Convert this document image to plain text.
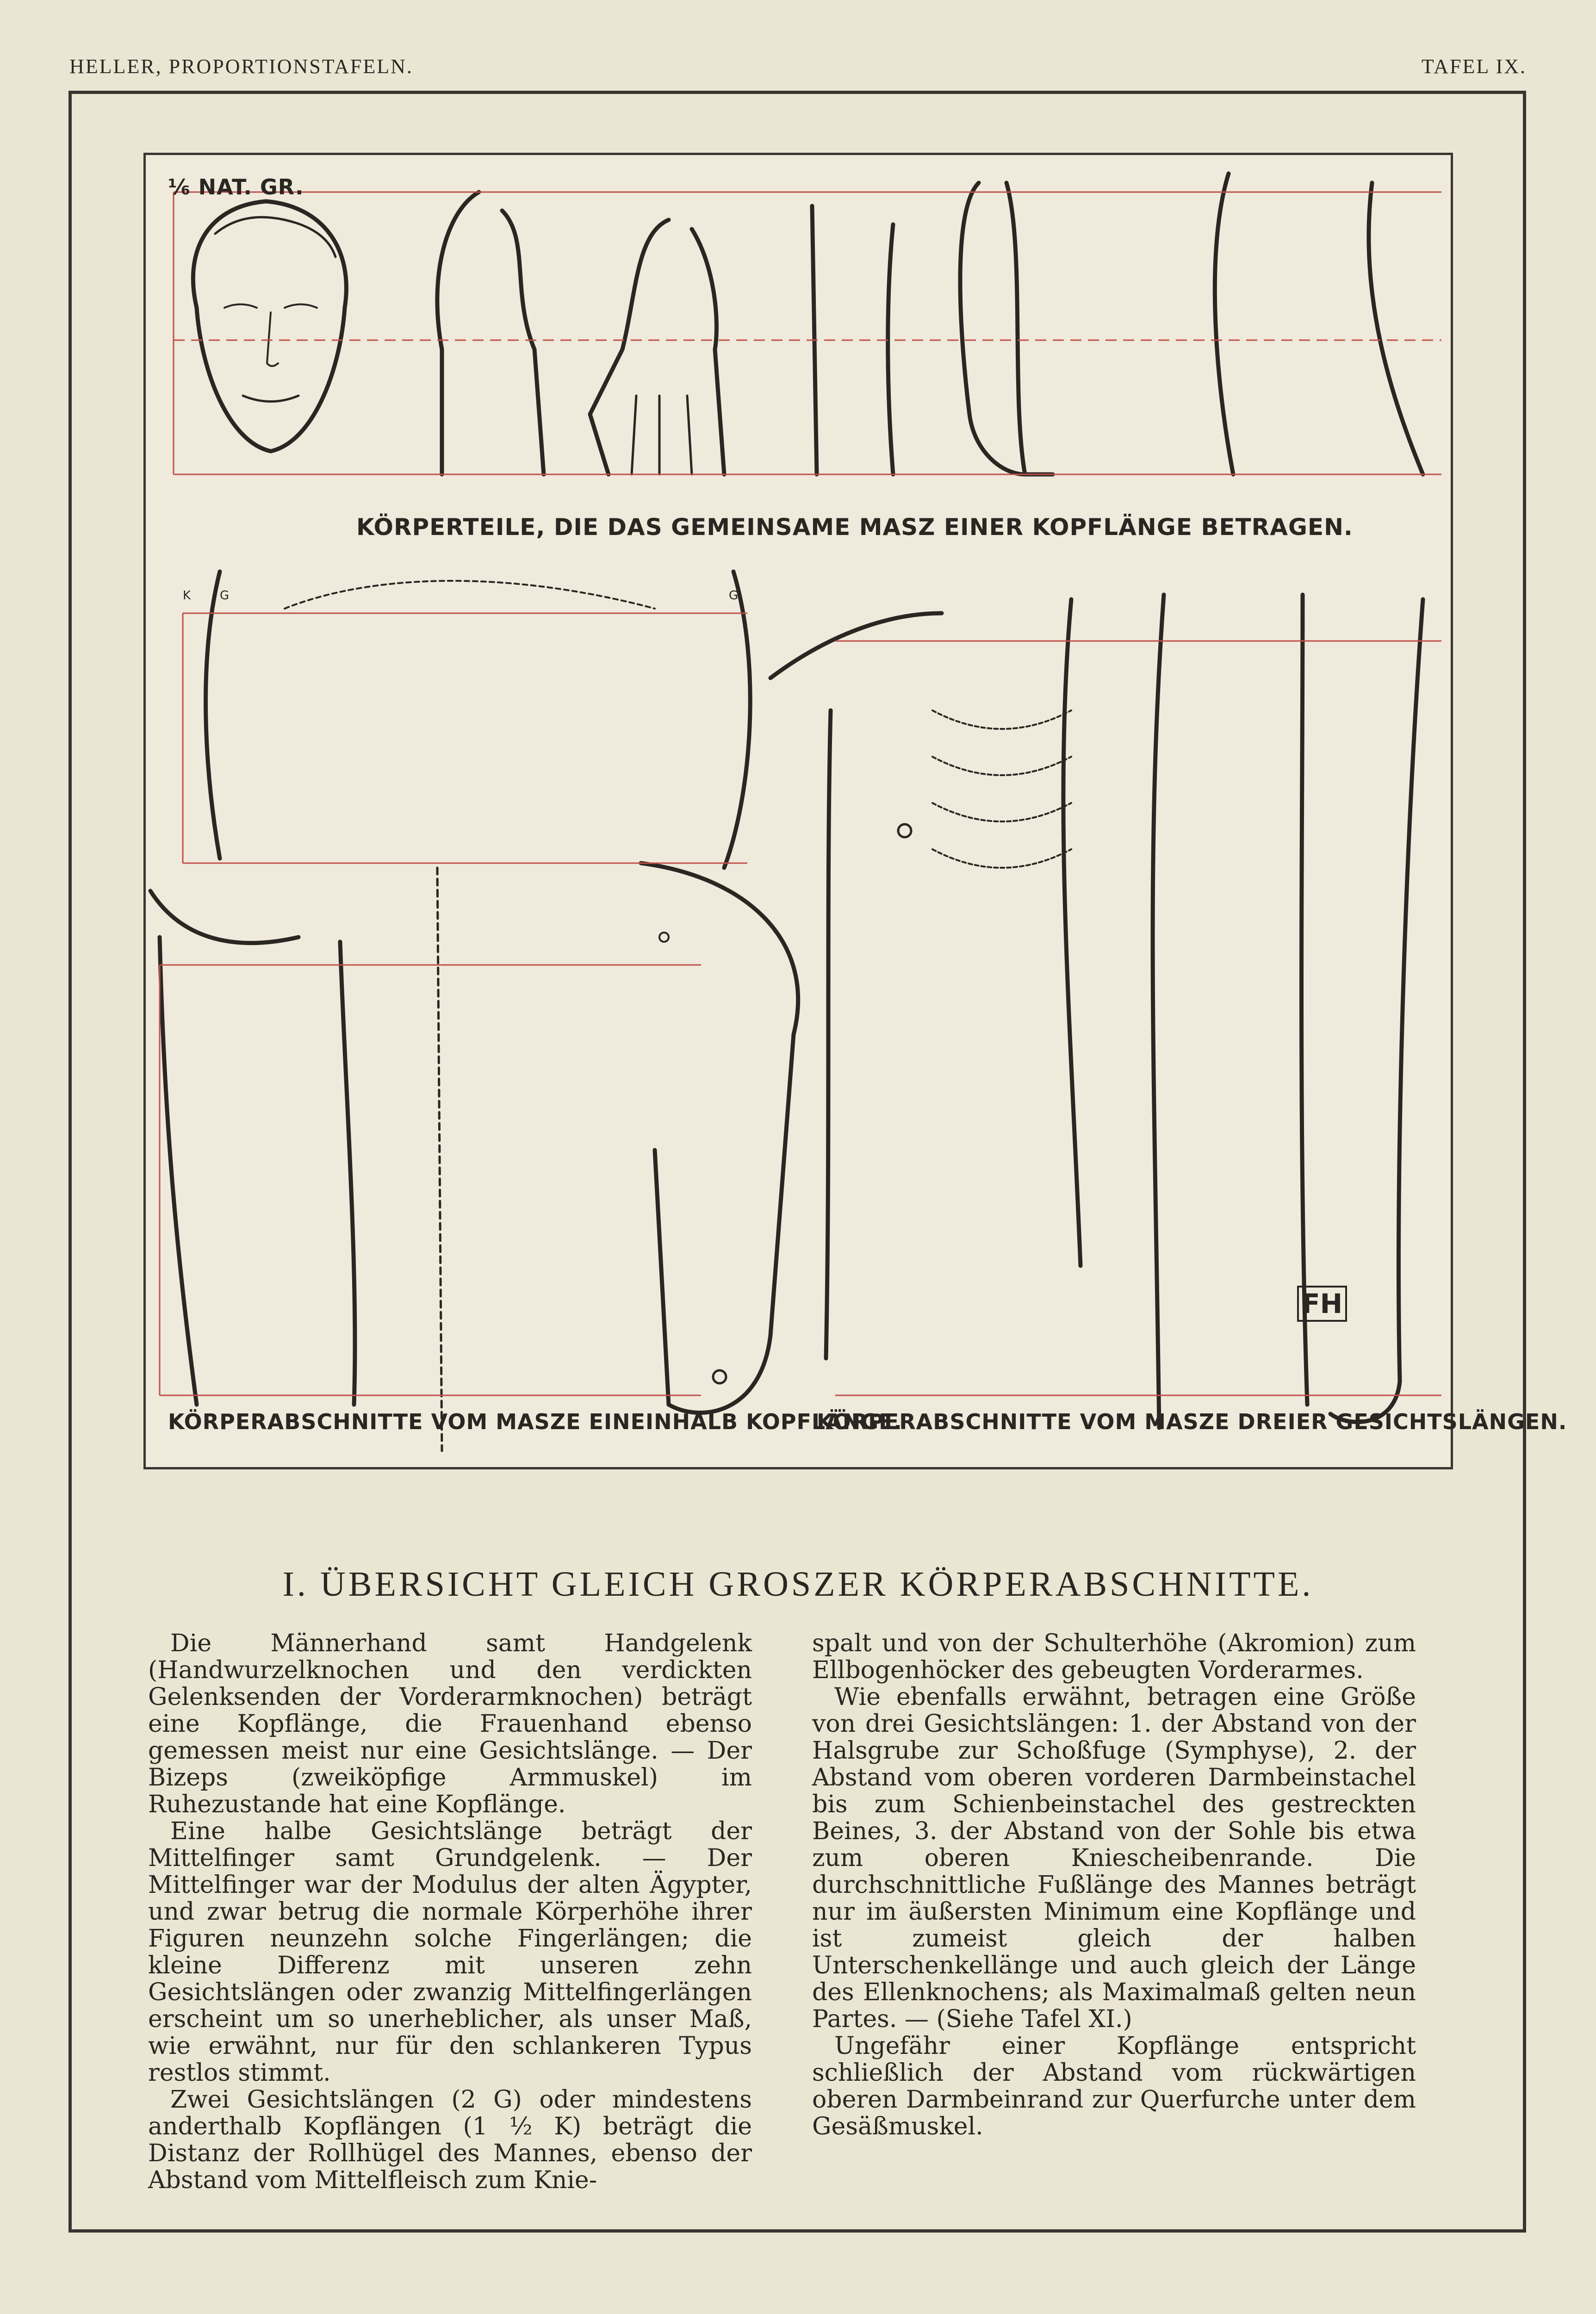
HELLER, PROPORTIONSTAFELN.	TAFEL IX.
K G	G
⅙ NAT. GR.
KÖRPERTEILE, DIE DAS GEMEINSAME MASZ EINER KOPFLÄNGE BETRAGEN.
KÖRPERABSCHNITTE VOM MASZE EINEINHALB KOPFLÄNGE.
KÖRPERABSCHNITTE VOM MASZE DREIER GESICHTSLÄNGEN.
FH
I. ÜBERSICHT GLEICH GROSZER KÖRPERABSCHNITTE.

Die Männerhand samt Handgelenk (Handwurzelknochen und den verdickten Gelenksenden der Vorderarmknochen) beträgt eine Kopflänge, die Frauenhand ebenso gemessen meist nur eine Gesichtslänge. — Der Bizeps (zweiköpfige Armmuskel) im Ruhezustande hat eine Kopflänge.

Eine halbe Gesichtslänge beträgt der Mittelfinger samt Grundgelenk. — Der Mittelfinger war der Modulus der alten Ägypter, und zwar betrug die normale Körperhöhe ihrer Figuren neunzehn solche Fingerlängen; die kleine Differenz mit unseren zehn Gesichtslängen oder zwanzig Mittelfingerlängen erscheint um so unerheblicher, als unser Maß, wie erwähnt, nur für den schlankeren Typus restlos stimmt.

Zwei Gesichtslängen (2 G) oder mindestens anderthalb Kopflängen (1 ½ K) beträgt die Distanz der Rollhügel des Mannes, ebenso der Abstand vom Mittelfleisch zum Knie-

spalt und von der Schulterhöhe (Akromion) zum Ellbogenhöcker des gebeugten Vorderarmes.

Wie ebenfalls erwähnt, betragen eine Größe von drei Gesichtslängen: 1. der Abstand von der Halsgrube zur Schoßfuge (Symphyse), 2. der Abstand vom oberen vorderen Darmbeinstachel bis zum Schienbeinstachel des gestreckten Beines, 3. der Abstand von der Sohle bis etwa zum oberen Kniescheibenrande. Die durchschnittliche Fußlänge des Mannes beträgt nur im äußersten Minimum eine Kopflänge und ist zumeist gleich der halben Unterschenkellänge und auch gleich der Länge des Ellenknochens; als Maximalmaß gelten neun Partes. — (Siehe Tafel XI.)

Ungefähr einer Kopflänge entspricht schließlich der Abstand vom rückwärtigen oberen Darmbeinrand zur Querfurche unter dem Gesäßmuskel.
